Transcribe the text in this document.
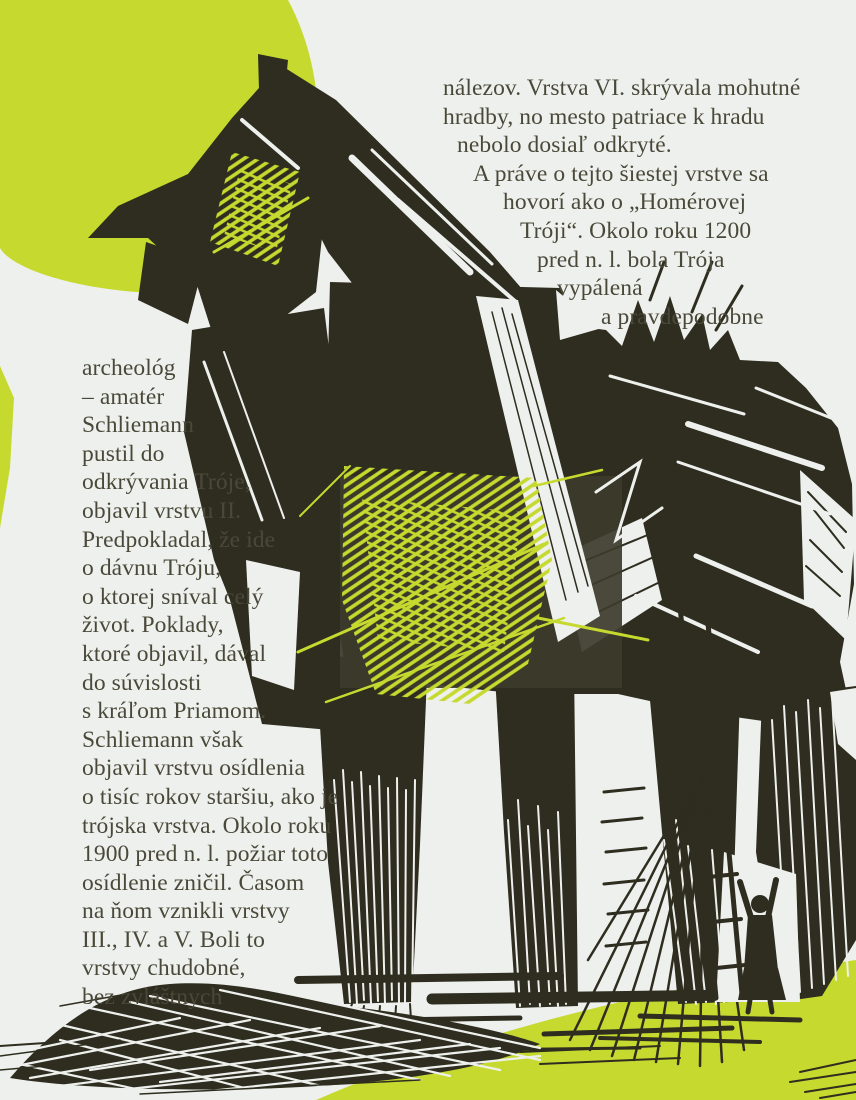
nálezov. Vrstva VI. skrývala mohutné
hradby, no mesto patriace k hradu
nebolo dosiaľ odkryté.
A práve o tejto šiestej vrstve sa
hovorí ako o „Homérovej
Tróji“. Okolo roku 1200
pred n. l. bola Trója
vypálená
a pravdepodobne
archeológ
– amatér
Schliemann
pustil do
odkrývania Tróje,
objavil vrstvu II.
Predpokladal, že ide
o dávnu Tróju,
o ktorej sníval celý
život. Poklady,
ktoré objavil, dával
do súvislosti
s kráľom Priamom.
Schliemann však
objavil vrstvu osídlenia
o tisíc rokov staršiu, ako je
trójska vrstva. Okolo roku
1900 pred n. l. požiar toto
osídlenie zničil. Časom
na ňom vznikli vrstvy
III., IV. a V. Boli to
vrstvy chudobné,
bez zvláštnych
